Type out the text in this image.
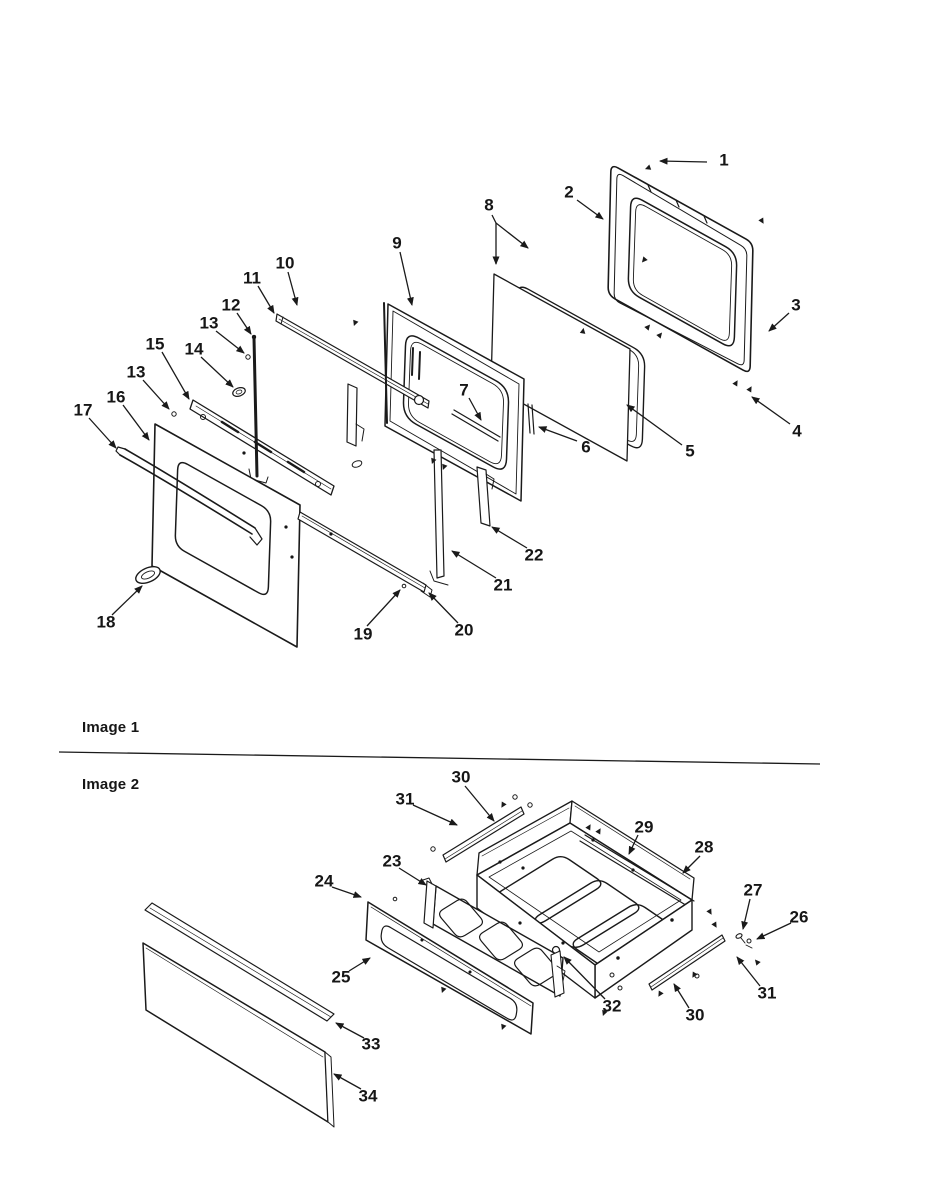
1
2
3
4
5
6
7
8
9
10
11
12
13
14
15
13
16
17
18
19	20
21
22
23
24
25
26
27
28
29
30
30
31
31
32
33
34
Image 1
Image 2
